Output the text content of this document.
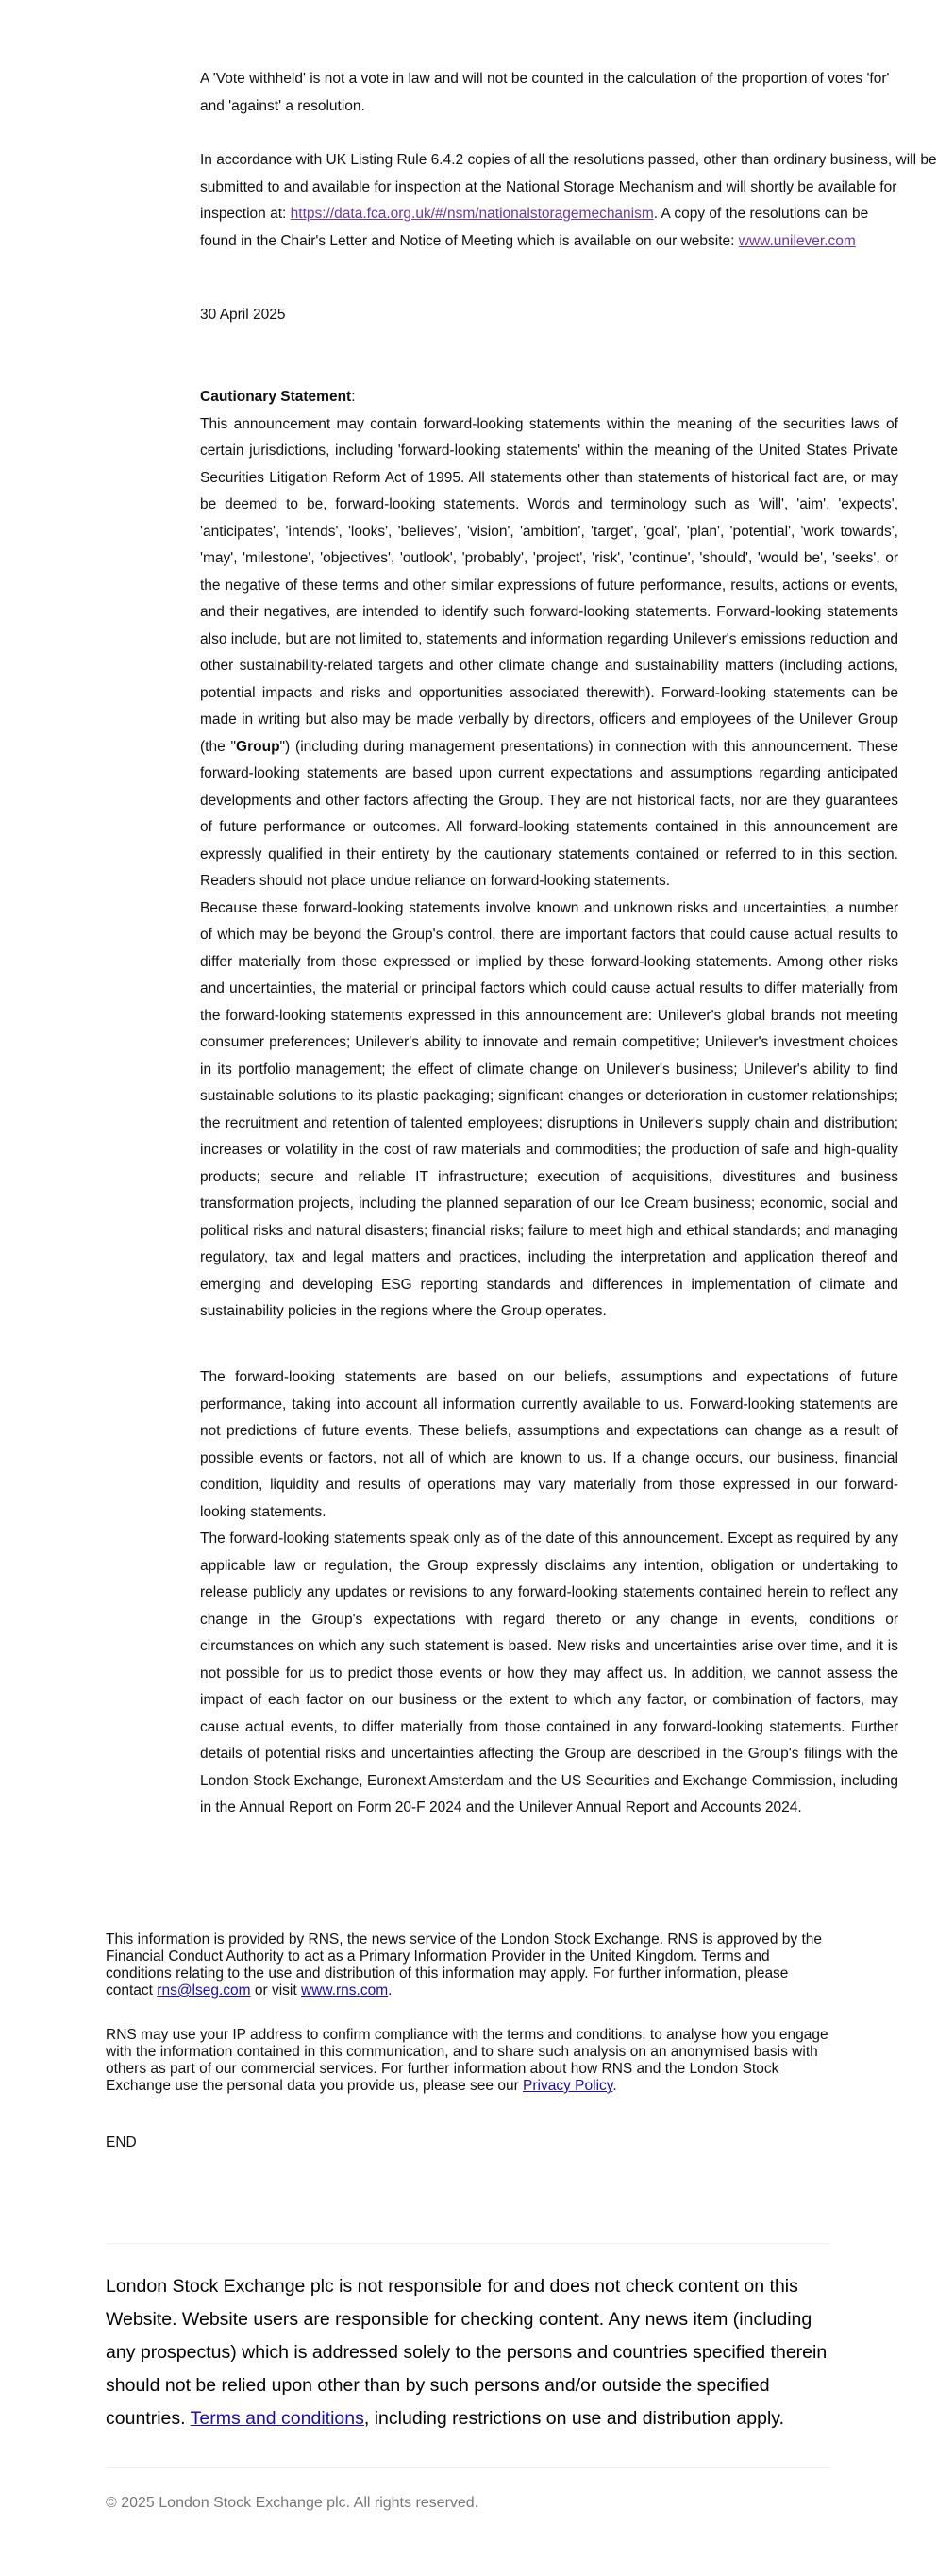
A 'Vote withheld' is not a vote in law and will not be counted in the calculation of the proportion of votes 'for'

and 'against' a resolution.

In accordance with UK Listing Rule 6.4.2 copies of all the resolutions passed, other than ordinary business, will be

submitted to and available for inspection at the National Storage Mechanism and will shortly be available for

inspection at: https://data.fca.org.uk/#/nsm/nationalstoragemechanism. A copy of the resolutions can be

found in the Chair's Letter and Notice of Meeting which is available on our website: www.unilever.com

30 April 2025

Cautionary Statement:

This announcement may contain forward-looking statements within the meaning of the securities laws of certain jurisdictions, including 'forward-looking statements' within the meaning of the United States Private Securities Litigation Reform Act of 1995. All statements other than statements of historical fact are, or may be deemed to be, forward-looking statements. Words and terminology such as 'will', 'aim', 'expects', 'anticipates', 'intends', 'looks', 'believes', 'vision', 'ambition', 'target', 'goal', 'plan', 'potential', 'work towards', 'may', 'milestone', 'objectives', 'outlook', 'probably', 'project', 'risk', 'continue', 'should', 'would be', 'seeks', or the negative of these terms and other similar expressions of future performance, results, actions or events, and their negatives, are intended to identify such forward-looking statements. Forward-looking statements also include, but are not limited to, statements and information regarding Unilever's emissions reduction and other sustainability-related targets and other climate change and sustainability matters (including actions, potential impacts and risks and opportunities associated therewith). Forward-looking statements can be made in writing but also may be made verbally by directors, officers and employees of the Unilever Group (the "Group") (including during management presentations) in connection with this announcement. These forward-looking statements are based upon current expectations and assumptions regarding anticipated developments and other factors affecting the Group. They are not historical facts, nor are they guarantees of future performance or outcomes. All forward-looking statements contained in this announcement are expressly qualified in their entirety by the cautionary statements contained or referred to in this section. Readers should not place undue reliance on forward-looking statements.

Because these forward-looking statements involve known and unknown risks and uncertainties, a number of which may be beyond the Group's control, there are important factors that could cause actual results to differ materially from those expressed or implied by these forward-looking statements. Among other risks and uncertainties, the material or principal factors which could cause actual results to differ materially from the forward-looking statements expressed in this announcement are: Unilever's global brands not meeting consumer preferences; Unilever's ability to innovate and remain competitive; Unilever's investment choices in its portfolio management; the effect of climate change on Unilever's business; Unilever's ability to find sustainable solutions to its plastic packaging; significant changes or deterioration in customer relationships; the recruitment and retention of talented employees; disruptions in Unilever's supply chain and distribution; increases or volatility in the cost of raw materials and commodities; the production of safe and high-quality products; secure and reliable IT infrastructure; execution of acquisitions, divestitures and business transformation projects, including the planned separation of our Ice Cream business; economic, social and political risks and natural disasters; financial risks; failure to meet high and ethical standards; and managing regulatory, tax and legal matters and practices, including the interpretation and application thereof and emerging and developing ESG reporting standards and differences in implementation of climate and sustainability policies in the regions where the Group operates.

The forward-looking statements are based on our beliefs, assumptions and expectations of future performance, taking into account all information currently available to us. Forward-looking statements are not predictions of future events. These beliefs, assumptions and expectations can change as a result of possible events or factors, not all of which are known to us. If a change occurs, our business, financial condition, liquidity and results of operations may vary materially from those expressed in our forward-looking statements.

The forward-looking statements speak only as of the date of this announcement. Except as required by any applicable law or regulation, the Group expressly disclaims any intention, obligation or undertaking to release publicly any updates or revisions to any forward-looking statements contained herein to reflect any change in the Group's expectations with regard thereto or any change in events, conditions or circumstances on which any such statement is based. New risks and uncertainties arise over time, and it is not possible for us to predict those events or how they may affect us. In addition, we cannot assess the impact of each factor on our business or the extent to which any factor, or combination of factors, may cause actual events, to differ materially from those contained in any forward-looking statements. Further details of potential risks and uncertainties affecting the Group are described in the Group's filings with the London Stock Exchange, Euronext Amsterdam and the US Securities and Exchange Commission, including in the Annual Report on Form 20-F 2024 and the Unilever Annual Report and Accounts 2024.

This information is provided by RNS, the news service of the London Stock Exchange. RNS is approved by the Financial Conduct Authority to act as a Primary Information Provider in the United Kingdom. Terms and conditions relating to the use and distribution of this information may apply. For further information, please contact rns@lseg.com or visit www.rns.com.

RNS may use your IP address to confirm compliance with the terms and conditions, to analyse how you engage with the information contained in this communication, and to share such analysis on an anonymised basis with others as part of our commercial services. For further information about how RNS and the London Stock Exchange use the personal data you provide us, please see our Privacy Policy.

END

London Stock Exchange plc is not responsible for and does not check content on this Website. Website users are responsible for checking content. Any news item (including any prospectus) which is addressed solely to the persons and countries specified therein should not be relied upon other than by such persons and/or outside the specified countries. Terms and conditions, including restrictions on use and distribution apply.
© 2025 London Stock Exchange plc. All rights reserved.
